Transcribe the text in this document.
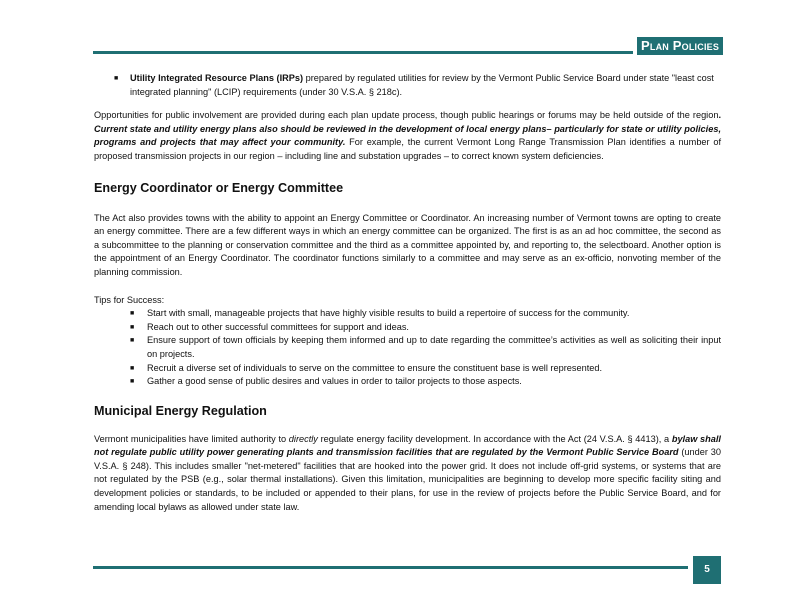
Plan Policies
■	Utility Integrated Resource Plans (IRPs) prepared by regulated utilities for review by the Vermont Public Service Board under state "least cost integrated planning" (LCIP) requirements (under 30 V.S.A. § 218c).

Opportunities for public involvement are provided during each plan update process, though public hearings or forums may be held outside of the region. Current state and utility energy plans also should be reviewed in the development of local energy plans– particularly for state or utility policies, programs and projects that may affect your community. For example, the current Vermont Long Range Transmission Plan identifies a number of proposed transmission projects in our region – including line and substation upgrades – to correct known system deficiencies.

Energy Coordinator or Energy Committee

The Act also provides towns with the ability to appoint an Energy Committee or Coordinator. An increasing number of Vermont towns are opting to create an energy committee. There are a few different ways in which an energy committee can be organized. The first is as an ad hoc committee, the second as a subcommittee to the planning or conservation committee and the third as a committee appointed by, and reporting to, the selectboard. Another option is the appointment of an Energy Coordinator. The coordinator functions similarly to a committee and may serve as an ex-officio, nonvoting member of the planning commission.

Tips for Success:

■	Start with small, manageable projects that have highly visible results to build a repertoire of success for the community.

■	Reach out to other successful committees for support and ideas.

■	Ensure support of town officials by keeping them informed and up to date regarding the committee’s activities as well as soliciting their input on projects.

■	Recruit a diverse set of individuals to serve on the committee to ensure the constituent base is well represented.

■	Gather a good sense of public desires and values in order to tailor projects to those aspects.

Municipal Energy Regulation

Vermont municipalities have limited authority to directly regulate energy facility development. In accordance with the Act (24 V.S.A. § 4413), a bylaw shall not regulate public utility power generating plants and transmission facilities that are regulated by the Vermont Public Service Board (under 30 V.S.A. § 248). This includes smaller "net-metered" facilities that are hooked into the power grid. It does not include off-grid systems, or systems that are not regulated by the PSB (e.g., solar thermal installations). Given this limitation, municipalities are beginning to develop more specific facility siting and development policies or standards, to be included or appended to their plans, for use in the review of projects before the Public Service Board, and for amending local bylaws as allowed under state law.

5
